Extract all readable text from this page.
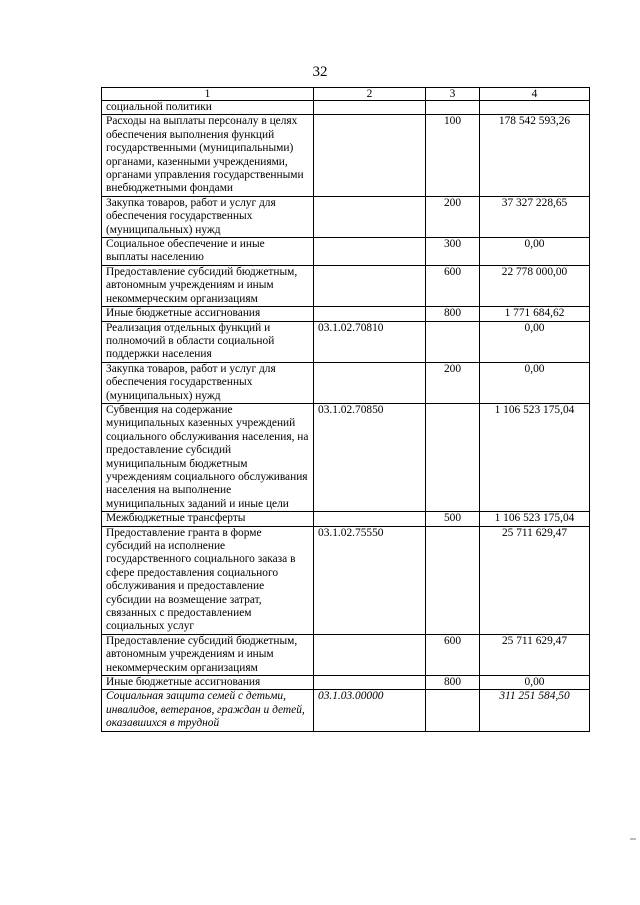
32
1	2	3	4
социальной политики			
Расходы на выплаты персоналу в целях обеспечения выполнения функций государственными (муниципальными) органами, казенными учреждениями, органами управления государственными внебюджетными фондами		100	178 542 593,26
Закупка товаров, работ и услуг для обеспечения государственных (муниципальных) нужд		200	37 327 228,65
Социальное обеспечение и иные выплаты населению		300	0,00
Предоставление субсидий бюджетным, автономным учреждениям и иным некоммерческим организациям		600	22 778 000,00
Иные бюджетные ассигнования		800	1 771 684,62
Реализация отдельных функций и полномочий в области социальной поддержки населения	03.1.02.70810		0,00
Закупка товаров, работ и услуг для обеспечения государственных (муниципальных) нужд		200	0,00
Субвенция на содержание муниципальных казенных учреждений социального обслуживания населения, на предоставление субсидий муниципальным бюджетным учреждениям социального обслуживания населения на выполнение муниципальных заданий и иные цели	03.1.02.70850		1 106 523 175,04
Межбюджетные трансферты		500	1 106 523 175,04
Предоставление гранта в форме субсидий на исполнение государственного социального заказа в сфере предоставления социального обслуживания и предоставление субсидии на возмещение затрат, связанных с предоставлением социальных услуг	03.1.02.75550		25 711 629,47
Предоставление субсидий бюджетным, автономным учреждениям и иным некоммерческим организациям		600	25 711 629,47
Иные бюджетные ассигнования		800	0,00
Социальная защита семей с детьми, инвалидов, ветеранов, граждан и детей, оказавшихся в трудной	03.1.03.00000		311 251 584,50
